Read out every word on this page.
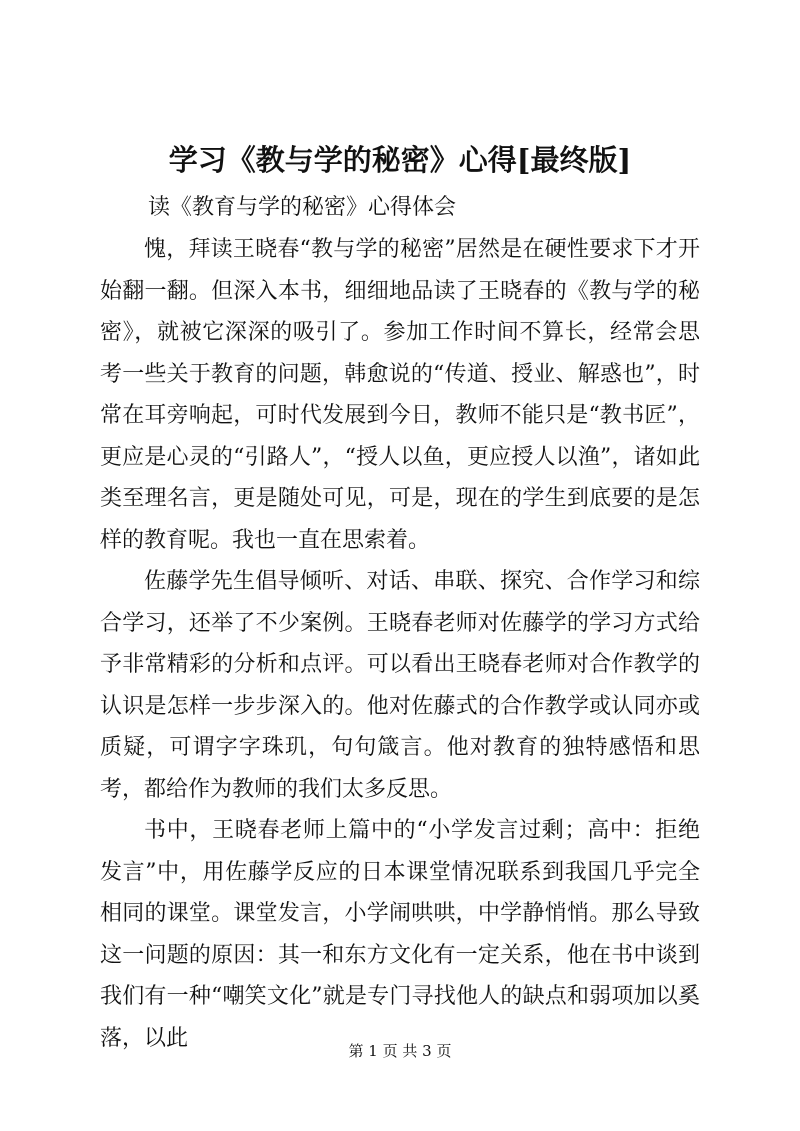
学习《教与学的秘密》心得[最终版]
读《教育与学的秘密》心得体会

愧，拜读王晓春“教与学的秘密”居然是在硬性要求下才开始翻一翻。但深入本书，细细地品读了王晓春的《教与学的秘密》，就被它深深的吸引了。参加工作时间不算长，经常会思考一些关于教育的问题，韩愈说的“传道、授业、解惑也”，时常在耳旁响起，可时代发展到今日，教师不能只是“教书匠”，更应是心灵的“引路人”，“授人以鱼，更应授人以渔”，诸如此类至理名言，更是随处可见，可是，现在的学生到底要的是怎样的教育呢。我也一直在思索着。

佐藤学先生倡导倾听、对话、串联、探究、合作学习和综合学习，还举了不少案例。王晓春老师对佐藤学的学习方式给予非常精彩的分析和点评。可以看出王晓春老师对合作教学的认识是怎样一步步深入的。他对佐藤式的合作教学或认同亦或质疑，可谓字字珠玑，句句箴言。他对教育的独特感悟和思考，都给作为教师的我们太多反思。

书中，王晓春老师上篇中的“小学发言过剩；高中：拒绝发言”中，用佐藤学反应的日本课堂情况联系到我国几乎完全相同的课堂。课堂发言，小学闹哄哄，中学静悄悄。那么导致这一问题的原因：其一和东方文化有一定关系，他在书中谈到我们有一种“嘲笑文化”就是专门寻找他人的缺点和弱项加以奚落，以此

第 1 页 共 3 页
